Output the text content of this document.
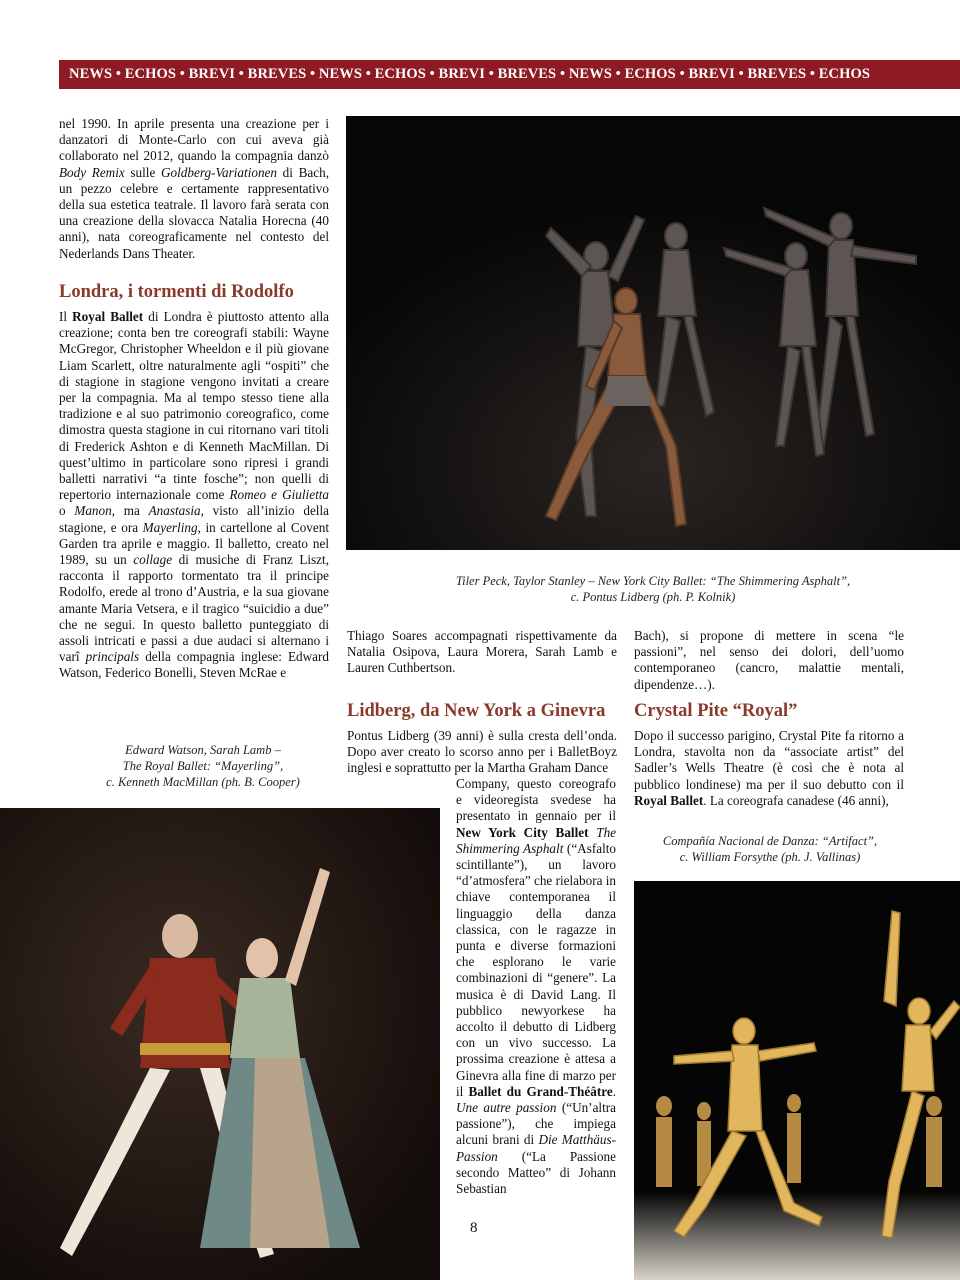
NEWS • ECHOS • BREVI • BREVES • NEWS • ECHOS • BREVI • BREVES • NEWS • ECHOS • BREVI • BREVES • ECHOS
nel 1990. In aprile presenta una creazione per i danzatori di Monte-Carlo con cui aveva già collaborato nel 2012, quando la compagnia danzò Body Remix sulle Goldberg-Variationen di Bach, un pezzo celebre e certamente rappresentativo della sua estetica teatrale. Il lavoro farà serata con una creazione della slovacca Natalia Horecna (40 anni), nata coreograficamente nel contesto del Nederlands Dans Theater.
Londra, i tormenti di Rodolfo
Il Royal Ballet di Londra è piuttosto attento alla creazione; conta ben tre coreografi stabili: Wayne McGregor, Christopher Wheeldon e il più giovane Liam Scarlett, oltre naturalmente agli “ospiti” che di stagione in stagione vengono invitati a creare per la compagnia. Ma al tempo stesso tiene alla tradizione e al suo patrimonio coreografico, come dimostra questa stagione in cui ritornano vari titoli di Frederick Ashton e di Kenneth MacMillan. Di quest’ultimo in particolare sono ripresi i grandi balletti narrativi “a tinte fosche”; non quelli di repertorio internazionale come Romeo e Giulietta o Manon, ma Anastasia, visto all’inizio della stagione, e ora Mayerling, in cartellone al Covent Garden tra aprile e maggio. Il balletto, creato nel 1989, su un collage di musiche di Franz Liszt, racconta il rapporto tormentato tra il principe Rodolfo, erede al trono d’Austria, e la sua giovane amante Maria Vetsera, e il tragico “suicidio a due” che ne segui. In questo balletto punteggiato di assoli intricati e passi a due audaci si alternano i varî principals della compagnia inglese: Edward Watson, Federico Bonelli, Steven McRae e
Edward Watson, Sarah Lamb –
The Royal Ballet: “Mayerling”,
c. Kenneth MacMillan (ph. B. Cooper)
Tiler Peck, Taylor Stanley – New York City Ballet: “The Shimmering Asphalt”,
c. Pontus Lidberg (ph. P. Kolnik)
Thiago Soares accompagnati rispettivamente da Natalia Osipova, Laura Morera, Sarah Lamb e Lauren Cuthbertson.
Lidberg, da New York a Ginevra
Pontus Lidberg (39 anni) è sulla cresta dell’onda. Dopo aver creato lo scorso anno per i BalletBoyz inglesi e soprattutto per la Martha Graham Dance
Company, questo coreografo e videoregista svedese ha presentato in gennaio per il New York City Ballet The Shimmering Asphalt (“Asfalto scintillante”), un lavoro “d’atmosfera” che rielabora in chiave contemporanea il linguaggio della danza classica, con le ragazze in punta e diverse formazioni che esplorano le varie combinazioni di “genere”. La musica è di David Lang. Il pubblico newyorkese ha accolto il debutto di Lidberg con un vivo successo. La prossima creazione è attesa a Ginevra alla fine di marzo per il Ballet du Grand-Théâtre. Une autre passion (“Un’altra passione”), che impiega alcuni brani di Die Matthäus-Passion (“La Passione secondo Matteo” di Johann Sebastian
Bach), si propone di mettere in scena “le passioni”, nel senso dei dolori, dell’uomo contemporaneo (cancro, malattie mentali, dipendenze…).
Crystal Pite “Royal”
Dopo il successo parigino, Crystal Pite fa ritorno a Londra, stavolta non da “associate artist” del Sadler’s Wells Theatre (è così che è nota al pubblico londinese) ma per il suo debutto con il Royal Ballet. La coreografa canadese (46 anni),
Compañía Nacional de Danza: “Artifact”,
c. William Forsythe (ph. J. Vallinas)
8
